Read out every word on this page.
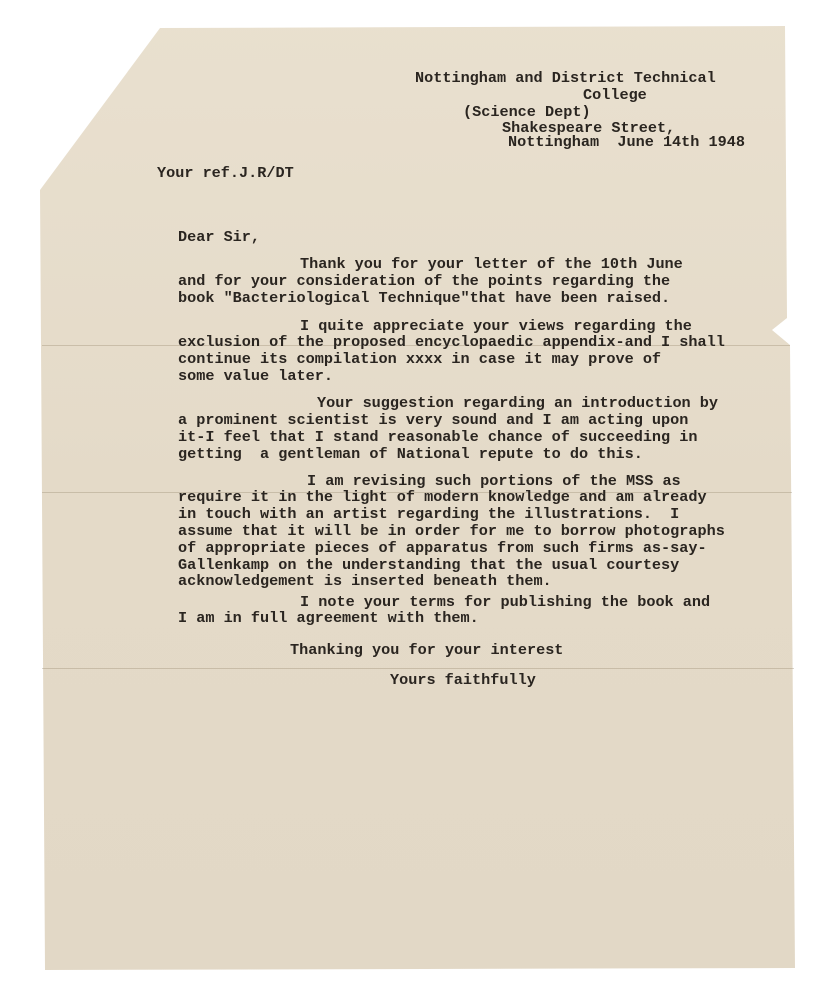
Nottingham and District Technical
College
(Science Dept)
Shakespeare Street,
Nottingham  June 14th 1948
Your ref.J.R/DT
Dear Sir,
Thank you for your letter of the 10th June
and for your consideration of the points regarding the
book "Bacteriological Technique"that have been raised.
I quite appreciate your views regarding the
exclusion of the proposed encyclopaedic appendix-and I shall
continue its compilation xxxx in case it may prove of
some value later.
Your suggestion regarding an introduction by
a prominent scientist is very sound and I am acting upon
it-I feel that I stand reasonable chance of succeeding in
getting  a gentleman of National repute to do this.
I am revising such portions of the MSS as
require it in the light of modern knowledge and am already
in touch with an artist regarding the illustrations.  I
assume that it will be in order for me to borrow photographs
of appropriate pieces of apparatus from such firms as-say-
Gallenkamp on the understanding that the usual courtesy
acknowledgement is inserted beneath them.
I note your terms for publishing the book and
I am in full agreement with them.
Thanking you for your interest
Yours faithfully
